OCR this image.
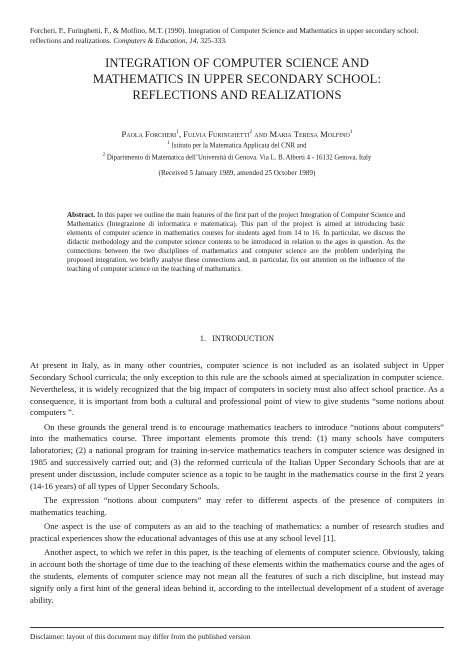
Forcheri, P., Furinghetti, F., & Molfino, M.T. (1990). Integration of Computer Science and Mathematics in upper secondary school: reflections and realizations. Computers & Education, 14, 325-333.
INTEGRATION OF COMPUTER SCIENCE AND
MATHEMATICS IN UPPER SECONDARY SCHOOL:
REFLECTIONS AND REALIZATIONS
Paola Forcheri$^1$, Fulvia Furinghetti$^2$ and Maria Teresa Molfino$^1$
$^1$ Istituto per la Matematica Applicata del CNR and
$^2$ Dipartimento di Matematica dell’Università di Genova. Via L. B. Alberti 4 - 16132 Genova, Italy
(Received 5 January 1989, amended 25 October 1989)
Abstract. In this paper we outline the main features of the first part of the project Integration of Computer Science and Mathematics (Integrazione di informatica e matematica). This part of the project is aimed at introducing basic elements of computer science in mathematics courses for students aged from 14 to 16. In particular, we discuss the didactic methodology and the computer science contents to be introduced in relation to the ages in question. As the connections between the two disciplines of mathematics and computer science are the problem underlying the proposed integration, we briefly analyse these connections and, in particular, fix our attention on the influence of the teaching of computer science on the teaching of mathematics.
1. INTRODUCTION

At present in Italy, as in many other countries, computer science is not included as an isolated subject in Upper Secondary School curricula; the only exception to this rule are the schools aimed at specialization in computer science. Nevertheless, it is widely recognized that the big impact of computers in society must also affect school practice. As a consequence, it is important from both a cultural and professional point of view to give students “some notions about computers ”.

On these grounds the general trend is to encourage mathematics teachers to introduce “notions about computers” into the mathematics course. Three important elements promote this trend: (1) many schools have computers laboratories; (2) a national program for training in-service mathematics teachers in computer science was designed in 1985 and successively carried out; and (3) the reformed curricula of the Italian Upper Secondary Schools that are at present under discussion, include computer science as a topic to be taught in the mathematics course in the first 2 years (14-16 years) of all types of Upper Secondary Schools.

The expression “notions about computers” may refer to different aspects of the presence of computers in mathematics teaching.

One aspect is the use of computers as an aid to the teaching of mathematics: a number of research studies and practical experiences show the educational advantages of this use at any school level [1].

Another aspect, to which we refer in this paper, is the teaching of elements of computer science. Obviously, taking in account both the shortage of time due to the teaching of these elements within the mathematics course and the ages of the students, elements of computer science may not mean all the features of such a rich discipline, but instead may signify only a first hint of the general ideas behind it, according to the intellectual development of a student of average ability.

Disclaimer: layout of this document may differ from the published version
